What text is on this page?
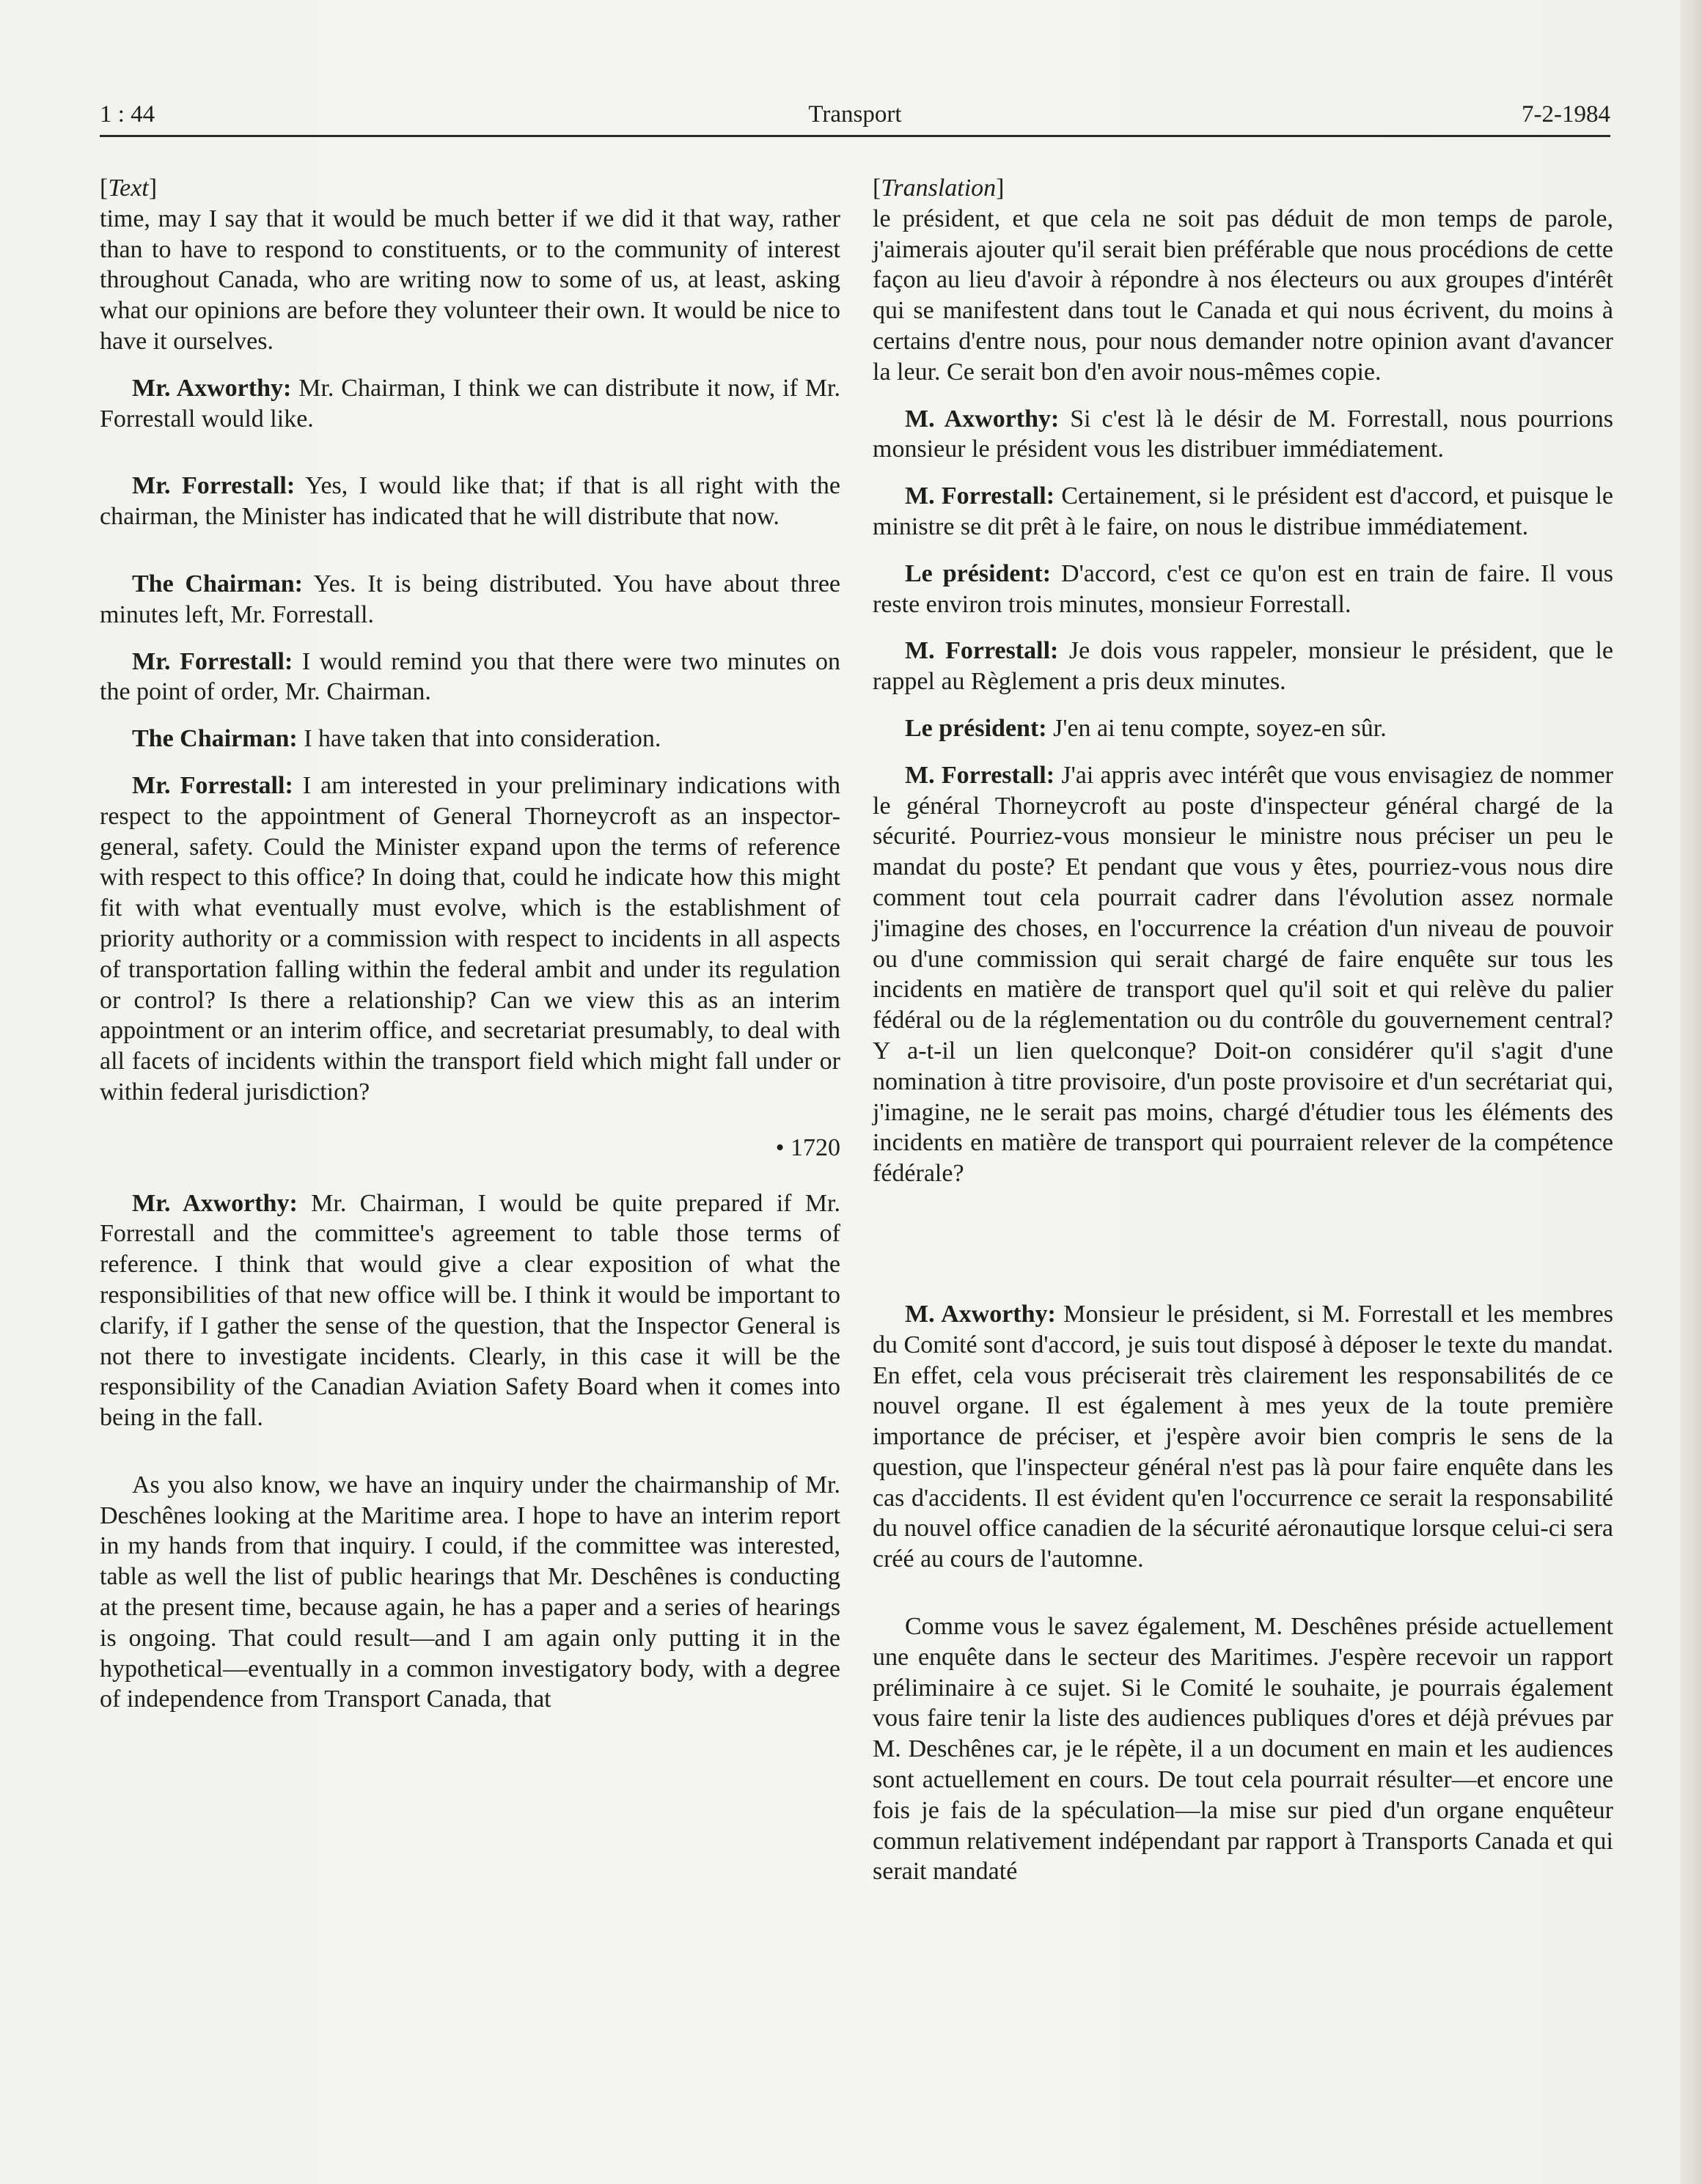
1 : 44	Transport	7-2-1984

[Text]

time, may I say that it would be much better if we did it that way, rather than to have to respond to constituents, or to the community of interest throughout Canada, who are writing now to some of us, at least, asking what our opinions are before they volunteer their own. It would be nice to have it ourselves.

Mr. Axworthy: Mr. Chairman, I think we can distribute it now, if Mr. Forrestall would like.

Mr. Forrestall: Yes, I would like that; if that is all right with the chairman, the Minister has indicated that he will distribute that now.

The Chairman: Yes. It is being distributed. You have about three minutes left, Mr. Forrestall.

Mr. Forrestall: I would remind you that there were two minutes on the point of order, Mr. Chairman.

The Chairman: I have taken that into consideration.

Mr. Forrestall: I am interested in your preliminary indications with respect to the appointment of General Thorneycroft as an inspector-general, safety. Could the Minister expand upon the terms of reference with respect to this office? In doing that, could he indicate how this might fit with what eventually must evolve, which is the establishment of priority authority or a commission with respect to incidents in all aspects of transportation falling within the federal ambit and under its regulation or control? Is there a relationship? Can we view this as an interim appointment or an interim office, and secretariat presumably, to deal with all facets of incidents within the transport field which might fall under or within federal jurisdiction?

• 1720

Mr. Axworthy: Mr. Chairman, I would be quite prepared if Mr. Forrestall and the committee's agreement to table those terms of reference. I think that would give a clear exposition of what the responsibilities of that new office will be. I think it would be important to clarify, if I gather the sense of the question, that the Inspector General is not there to investigate incidents. Clearly, in this case it will be the responsibility of the Canadian Aviation Safety Board when it comes into being in the fall.

As you also know, we have an inquiry under the chairmanship of Mr. Deschênes looking at the Maritime area. I hope to have an interim report in my hands from that inquiry. I could, if the committee was interested, table as well the list of public hearings that Mr. Deschênes is conducting at the present time, because again, he has a paper and a series of hearings is ongoing. That could result—and I am again only putting it in the hypothetical—eventually in a common investigatory body, with a degree of independence from Transport Canada, that

[Translation]

le président, et que cela ne soit pas déduit de mon temps de parole, j'aimerais ajouter qu'il serait bien préférable que nous procédions de cette façon au lieu d'avoir à répondre à nos électeurs ou aux groupes d'intérêt qui se manifestent dans tout le Canada et qui nous écrivent, du moins à certains d'entre nous, pour nous demander notre opinion avant d'avancer la leur. Ce serait bon d'en avoir nous-mêmes copie.

M. Axworthy: Si c'est là le désir de M. Forrestall, nous pourrions monsieur le président vous les distribuer immédiatement.

M. Forrestall: Certainement, si le président est d'accord, et puisque le ministre se dit prêt à le faire, on nous le distribue immédiatement.

Le président: D'accord, c'est ce qu'on est en train de faire. Il vous reste environ trois minutes, monsieur Forrestall.

M. Forrestall: Je dois vous rappeler, monsieur le président, que le rappel au Règlement a pris deux minutes.

Le président: J'en ai tenu compte, soyez-en sûr.

M. Forrestall: J'ai appris avec intérêt que vous envisagiez de nommer le général Thorneycroft au poste d'inspecteur général chargé de la sécurité. Pourriez-vous monsieur le ministre nous préciser un peu le mandat du poste? Et pendant que vous y êtes, pourriez-vous nous dire comment tout cela pourrait cadrer dans l'évolution assez normale j'imagine des choses, en l'occurrence la création d'un niveau de pouvoir ou d'une commission qui serait chargé de faire enquête sur tous les incidents en matière de transport quel qu'il soit et qui relève du palier fédéral ou de la réglementation ou du contrôle du gouvernement central? Y a-t-il un lien quelconque? Doit-on considérer qu'il s'agit d'une nomination à titre provisoire, d'un poste provisoire et d'un secrétariat qui, j'imagine, ne le serait pas moins, chargé d'étudier tous les éléments des incidents en matière de transport qui pourraient relever de la compétence fédérale?

M. Axworthy: Monsieur le président, si M. Forrestall et les membres du Comité sont d'accord, je suis tout disposé à déposer le texte du mandat. En effet, cela vous préciserait très clairement les responsabilités de ce nouvel organe. Il est également à mes yeux de la toute première importance de préciser, et j'espère avoir bien compris le sens de la question, que l'inspecteur général n'est pas là pour faire enquête dans les cas d'accidents. Il est évident qu'en l'occurrence ce serait la responsabilité du nouvel office canadien de la sécurité aéronautique lorsque celui-ci sera créé au cours de l'automne.

Comme vous le savez également, M. Deschênes préside actuellement une enquête dans le secteur des Maritimes. J'espère recevoir un rapport préliminaire à ce sujet. Si le Comité le souhaite, je pourrais également vous faire tenir la liste des audiences publiques d'ores et déjà prévues par M. Deschênes car, je le répète, il a un document en main et les audiences sont actuellement en cours. De tout cela pourrait résulter—et encore une fois je fais de la spéculation—la mise sur pied d'un organe enquêteur commun relativement indépendant par rapport à Transports Canada et qui serait mandaté
